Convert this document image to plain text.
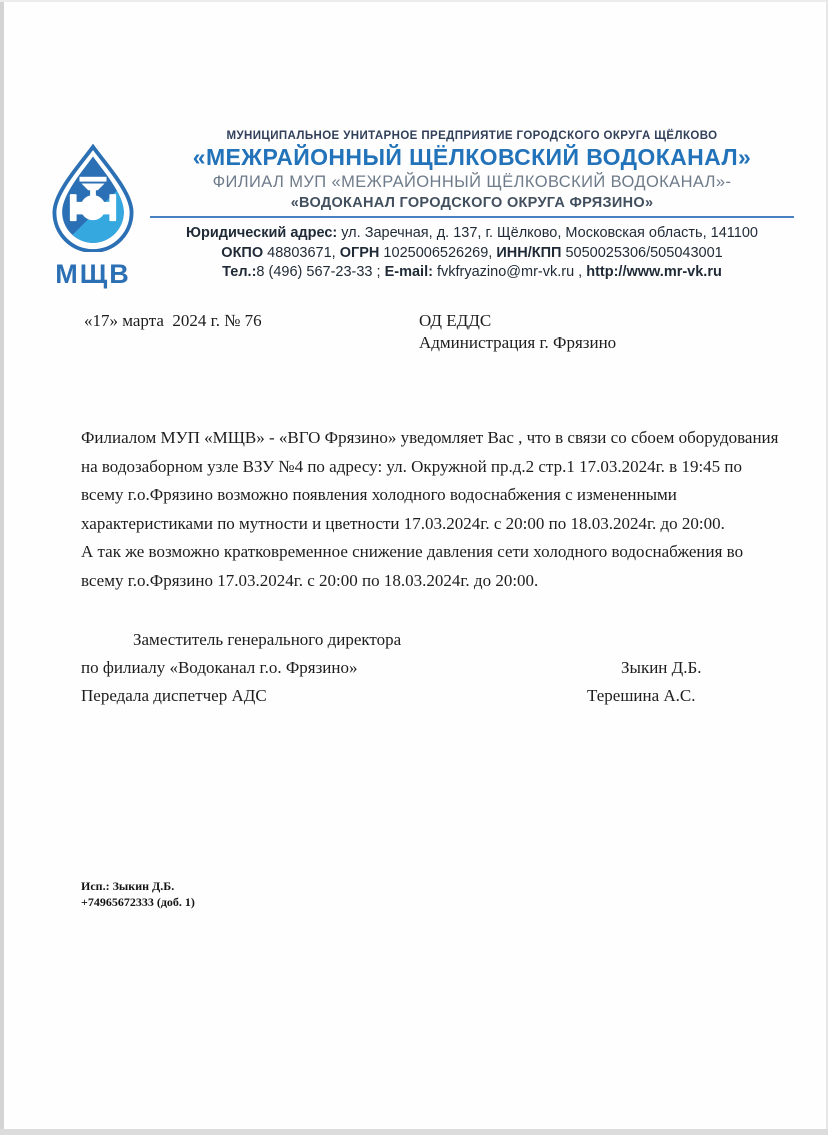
МЩВ
МУНИЦИПАЛЬНОЕ УНИТАРНОЕ ПРЕДПРИЯТИЕ ГОРОДСКОГО ОКРУГА ЩЁЛКОВО
«МЕЖРАЙОННЫЙ ЩЁЛКОВСКИЙ ВОДОКАНАЛ»
ФИЛИАЛ МУП «МЕЖРАЙОННЫЙ ЩЁЛКОВСКИЙ ВОДОКАНАЛ»-
«ВОДОКАНАЛ ГОРОДСКОГО ОКРУГА ФРЯЗИНО»
Юридический адрес: ул. Заречная, д. 137, г. Щёлково, Московская область, 141100
ОКПО 48803671, ОГРН 1025006526269, ИНН/КПП 5050025306/505043001
Тел.:8 (496) 567-23-33 ; E-mail: fvkfryazino@mr-vk.ru , http://www.mr-vk.ru
«17» марта  2024 г. № 76	ОД ЕДДС
Администрация г. Фрязино
Филиалом МУП «МЩВ» - «ВГО Фрязино» уведомляет Вас , что в связи со сбоем оборудования
на водозаборном узле ВЗУ №4 по адресу: ул. Окружной пр.д.2 стр.1 17.03.2024г. в 19:45 по
всему г.о.Фрязино возможно появления холодного водоснабжения с измененными
характеристиками по мутности и цветности 17.03.2024г. с 20:00 по 18.03.2024г. до 20:00.
А так же возможно кратковременное снижение давления сети холодного водоснабжения во
всему г.о.Фрязино 17.03.2024г. с 20:00 по 18.03.2024г. до 20:00.
Заместитель генерального директора
по филиалу «Водоканал г.о. Фрязино»	Зыкин Д.Б.
Передала диспетчер АДС	Терешина А.С.
Исп.: Зыкин Д.Б.
+74965672333 (доб. 1)
